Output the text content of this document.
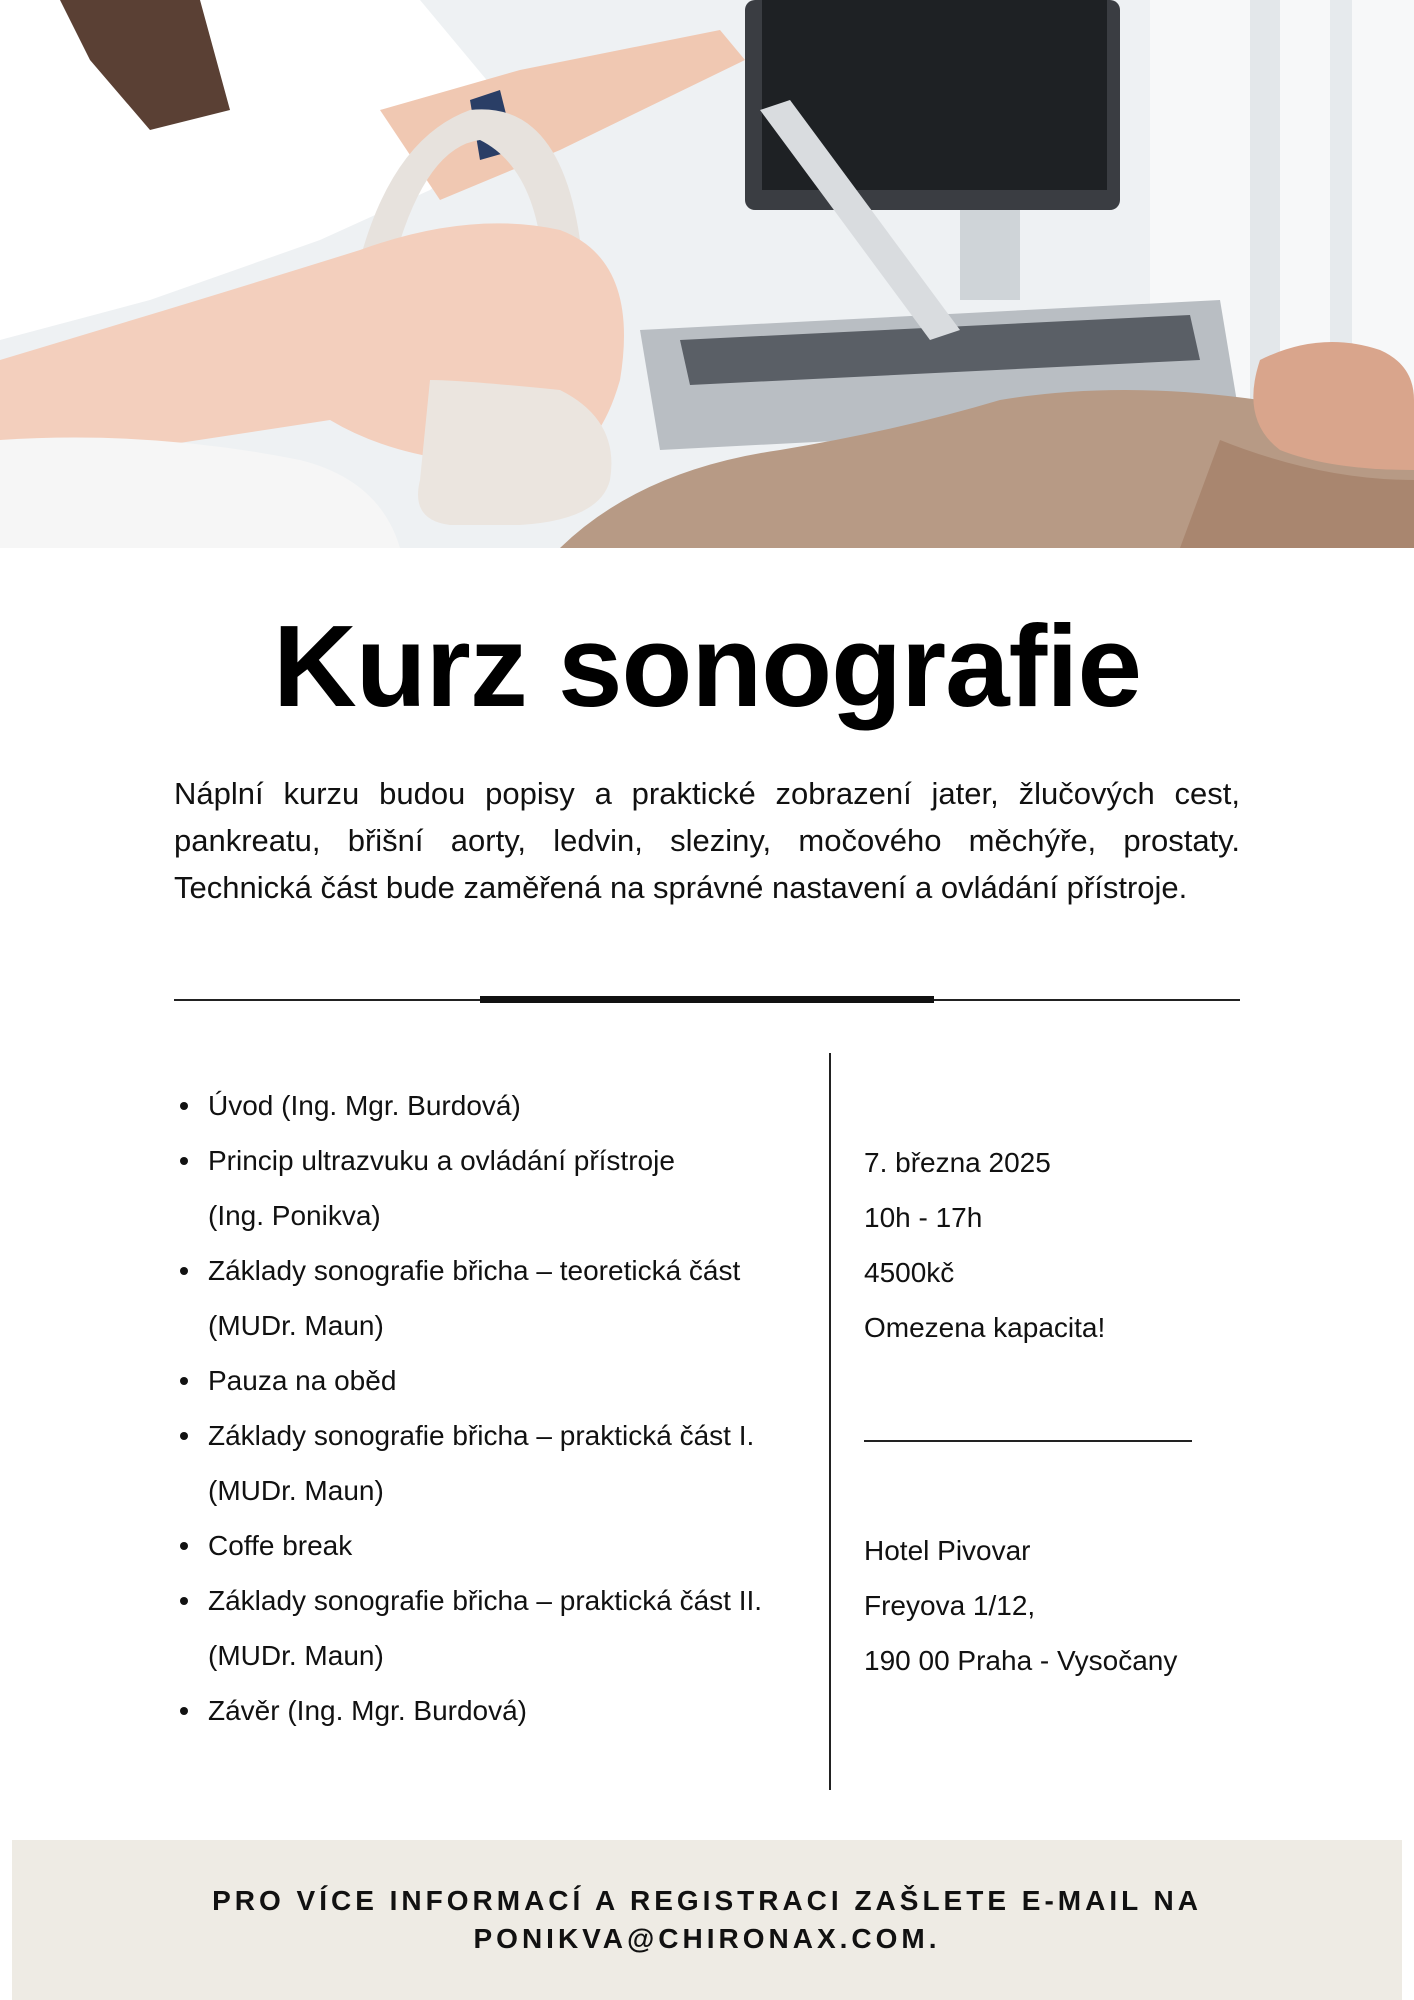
Kurz sonografie
Náplní kurzu budou popisy a praktické zobrazení jater, žlučových cest, pankreatu, břišní aorty, ledvin, sleziny, močového měchýře, prostaty. Technická část bude zaměřená na správné nastavení a ovládání přístroje.
Úvod (Ing. Mgr. Burdová)
Princip ultrazvuku a ovládání přístroje
(Ing. Ponikva)
Základy sonografie břicha – teoretická část
(MUDr. Maun)
Pauza na oběd
Základy sonografie břicha – praktická část I.
(MUDr. Maun)
Coffe break
Základy sonografie břicha – praktická část II.
(MUDr. Maun)
Závěr (Ing. Mgr. Burdová)
7. března 2025
10h - 17h
4500kč
Omezena kapacita!
Hotel Pivovar
Freyova 1/12,
190 00 Praha - Vysočany
PRO VÍCE INFORMACÍ A REGISTRACI ZAŠLETE E-MAIL NA
PONIKVA@CHIRONAX.COM.
